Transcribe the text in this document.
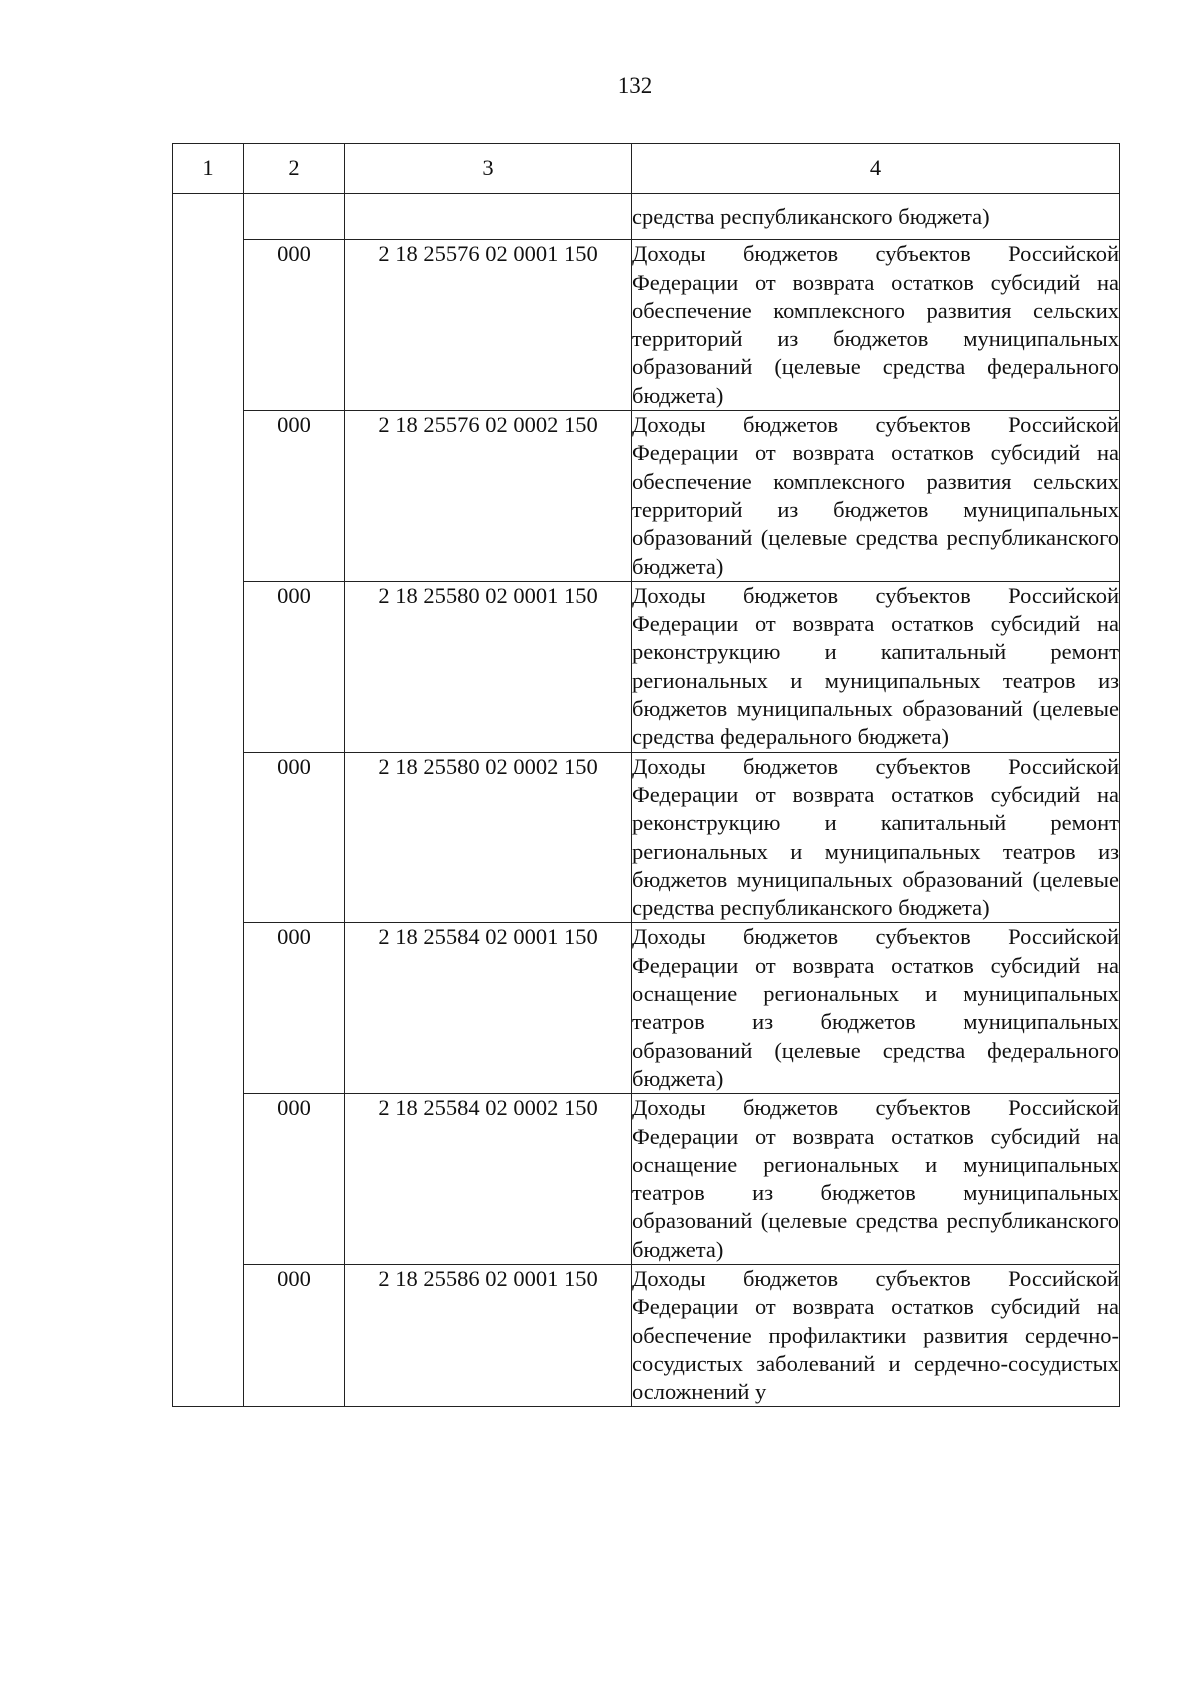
132
1	2	3	4
			средства республиканского бюджета)
	000	2 18 25576 02 0001 150	Доходы бюджетов субъектов Российской Федерации от возврата остатков субсидий на обеспечение комплексного развития сельских территорий из бюджетов муниципальных образований (целевые средства федерального бюджета)
	000	2 18 25576 02 0002 150	Доходы бюджетов субъектов Российской Федерации от возврата остатков субсидий на обеспечение комплексного развития сельских территорий из бюджетов муниципальных образований (целевые средства республиканского бюджета)
	000	2 18 25580 02 0001 150	Доходы бюджетов субъектов Российской Федерации от возврата остатков субсидий на реконструкцию и капитальный ремонт региональных и муниципальных театров из бюджетов муниципальных образований (целевые средства федерального бюджета)
	000	2 18 25580 02 0002 150	Доходы бюджетов субъектов Российской Федерации от возврата остатков субсидий на реконструкцию и капитальный ремонт региональных и муниципальных театров из бюджетов муниципальных образований (целевые средства республиканского бюджета)
	000	2 18 25584 02 0001 150	Доходы бюджетов субъектов Российской Федерации от возврата остатков субсидий на оснащение региональных и муниципальных театров из бюджетов муниципальных образований (целевые средства федерального бюджета)
	000	2 18 25584 02 0002 150	Доходы бюджетов субъектов Российской Федерации от возврата остатков субсидий на оснащение региональных и муниципальных театров из бюджетов муниципальных образований (целевые средства республиканского бюджета)
	000	2 18 25586 02 0001 150	Доходы бюджетов субъектов Российской Федерации от возврата остатков субсидий на обеспечение профилактики развития сердечно-сосудистых заболеваний и сердечно-сосудистых осложнений у
